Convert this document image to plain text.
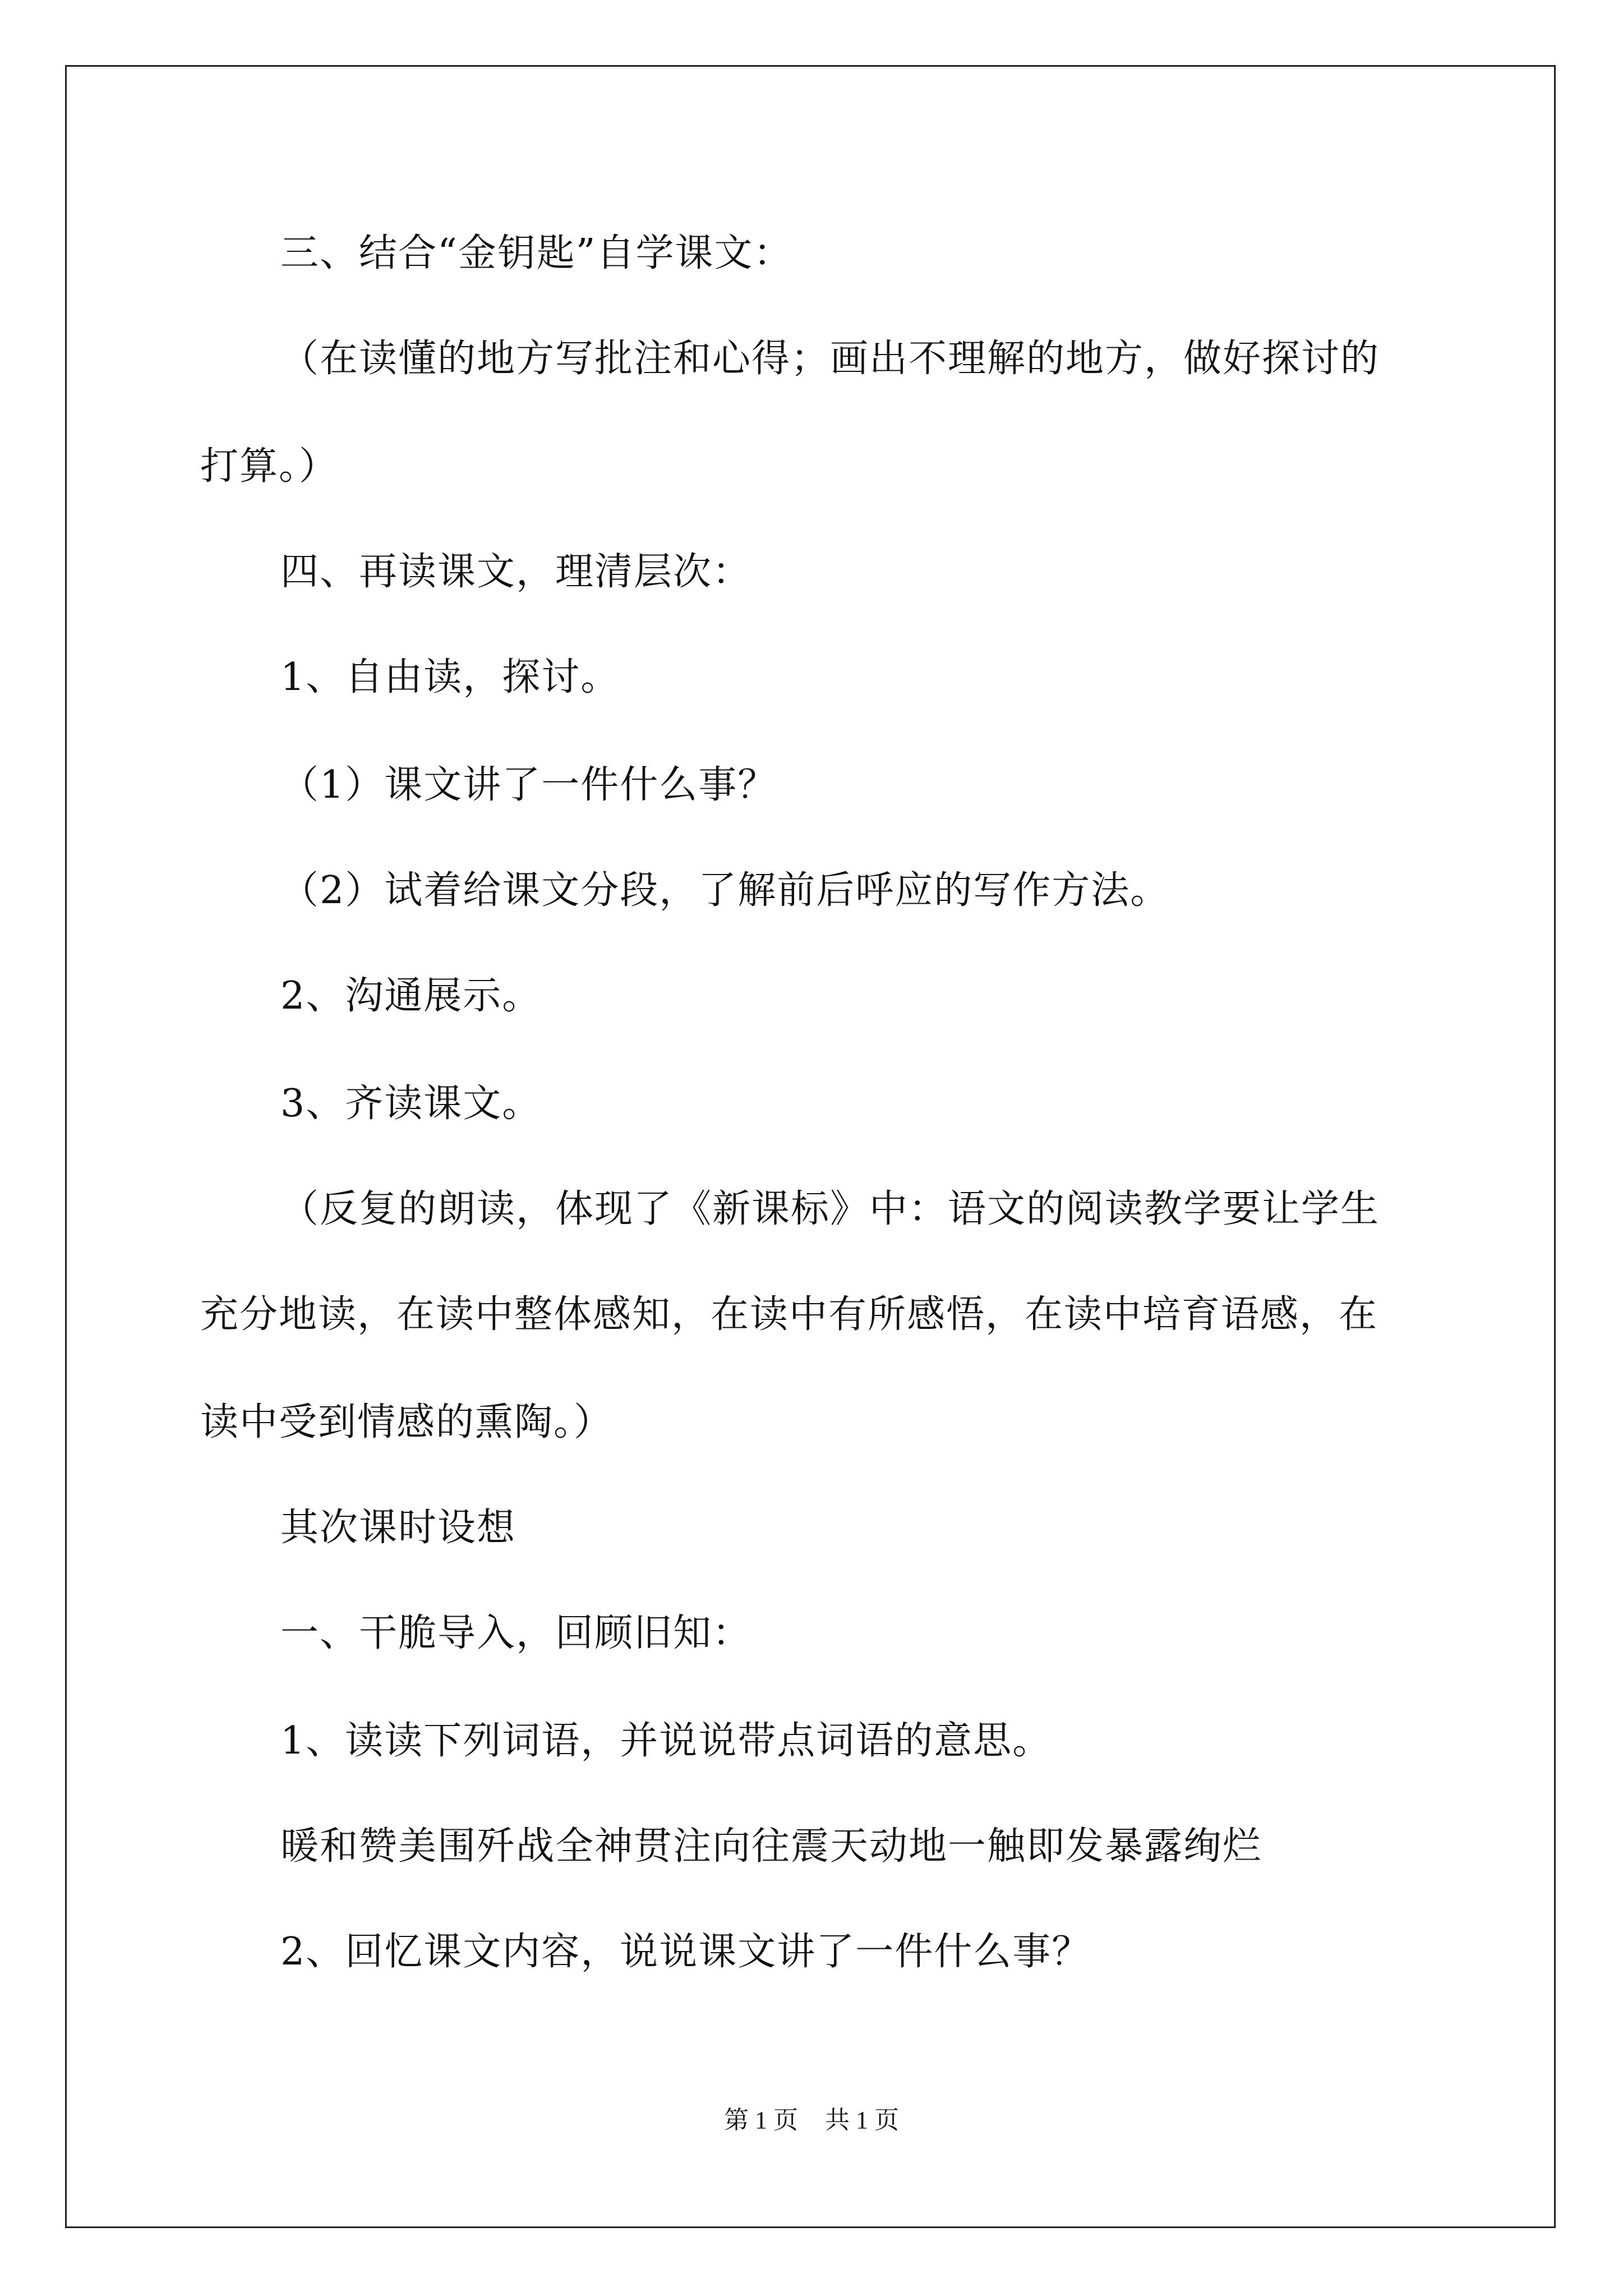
三、结合“金钥匙”自学课文：
（在读懂的地方写批注和心得；画出不理解的地方，做好探讨的
打算。）
四、再读课文，理清层次：
1、自由读，探讨。
（1）课文讲了一件什么事？
（2）试着给课文分段，了解前后呼应的写作方法。
2、沟通展示。
3、齐读课文。
（反复的朗读，体现了《新课标》中：语文的阅读教学要让学生
充分地读，在读中整体感知，在读中有所感悟，在读中培育语感，在
读中受到情感的熏陶。）
其次课时设想
一、干脆导入，回顾旧知：
1、读读下列词语，并说说带点词语的意思。
暖和赞美围歼战全神贯注向往震天动地一触即发暴露绚烂
2、回忆课文内容，说说课文讲了一件什么事？
第 1 页 共 1 页
